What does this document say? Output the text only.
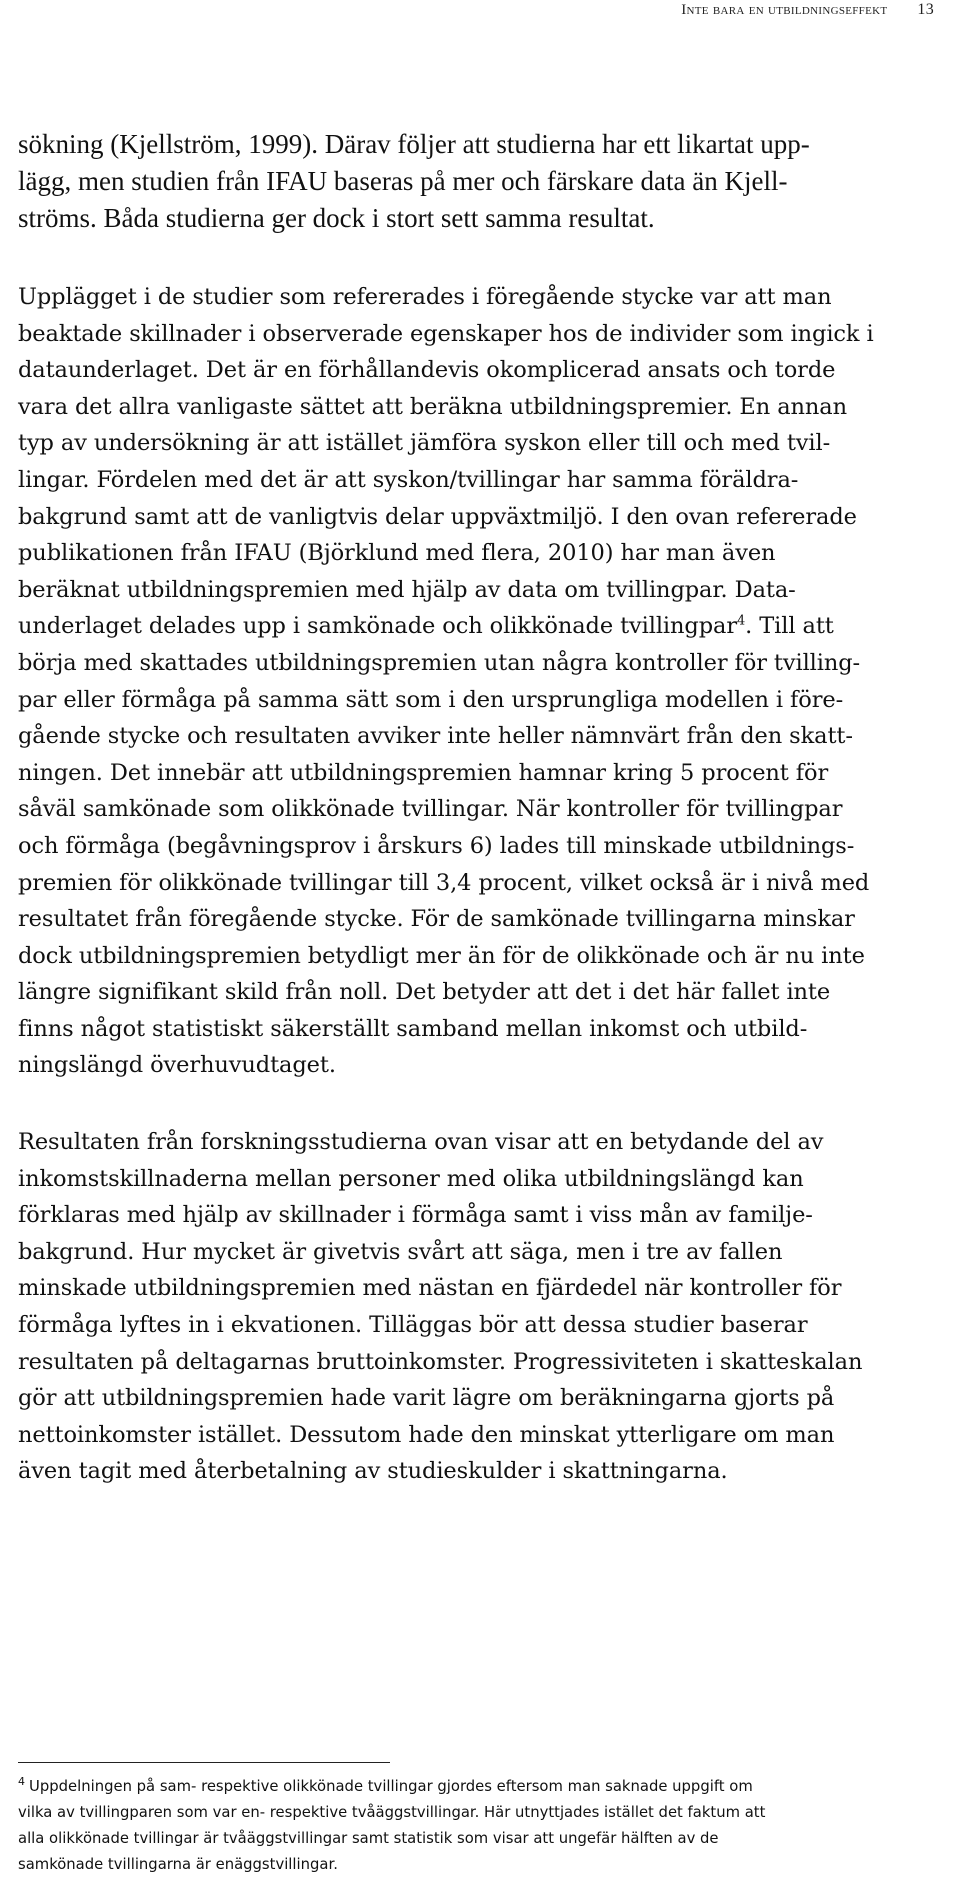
Inte bara en utbildningseffekt 13

sökning (Kjellström, 1999). Därav följer att studierna har ett likartat upp-
lägg, men studien från IFAU baseras på mer och färskare data än Kjell-
ströms. Båda studierna ger dock i stort sett samma resultat.

Upplägget i de studier som refererades i föregående stycke var att man
beaktade skillnader i observerade egenskaper hos de individer som ingick i
dataunderlaget. Det är en förhållandevis okomplicerad ansats och torde
vara det allra vanligaste sättet att beräkna utbildningspremier. En annan
typ av undersökning är att istället jämföra syskon eller till och med tvil-
lingar. Fördelen med det är att syskon/tvillingar har samma föräldra-
bakgrund samt att de vanligtvis delar uppväxtmiljö. I den ovan refererade
publikationen från IFAU (Björklund med flera, 2010) har man även
beräknat utbildningspremien med hjälp av data om tvillingpar. Data-
underlaget delades upp i samkönade och olikkönade tvillingpar$^4$. Till att
börja med skattades utbildningspremien utan några kontroller för tvilling-
par eller förmåga på samma sätt som i den ursprungliga modellen i före-
gående stycke och resultaten avviker inte heller nämnvärt från den skatt-
ningen. Det innebär att utbildningspremien hamnar kring 5 procent för
såväl samkönade som olikkönade tvillingar. När kontroller för tvillingpar
och förmåga (begåvningsprov i årskurs 6) lades till minskade utbildnings-
premien för olikkönade tvillingar till 3,4 procent, vilket också är i nivå med
resultatet från föregående stycke. För de samkönade tvillingarna minskar
dock utbildningspremien betydligt mer än för de olikkönade och är nu inte
längre signifikant skild från noll. Det betyder att det i det här fallet inte
finns något statistiskt säkerställt samband mellan inkomst och utbild-
ningslängd överhuvudtaget.

Resultaten från forskningsstudierna ovan visar att en betydande del av
inkomstskillnaderna mellan personer med olika utbildningslängd kan
förklaras med hjälp av skillnader i förmåga samt i viss mån av familje-
bakgrund. Hur mycket är givetvis svårt att säga, men i tre av fallen
minskade utbildningspremien med nästan en fjärdedel när kontroller för
förmåga lyftes in i ekvationen. Tilläggas bör att dessa studier baserar
resultaten på deltagarnas bruttoinkomster. Progressiviteten i skatteskalan
gör att utbildningspremien hade varit lägre om beräkningarna gjorts på
nettoinkomster istället. Dessutom hade den minskat ytterligare om man
även tagit med återbetalning av studieskulder i skattningarna.

$^4$ Uppdelningen på sam- respektive olikkönade tvillingar gjordes eftersom man saknade uppgift om
vilka av tvillingparen som var en- respektive tvåäggstvillingar. Här utnyttjades istället det faktum att
alla olikkönade tvillingar är tvåäggstvillingar samt statistik som visar att ungefär hälften av de
samkönade tvillingarna är enäggstvillingar.
